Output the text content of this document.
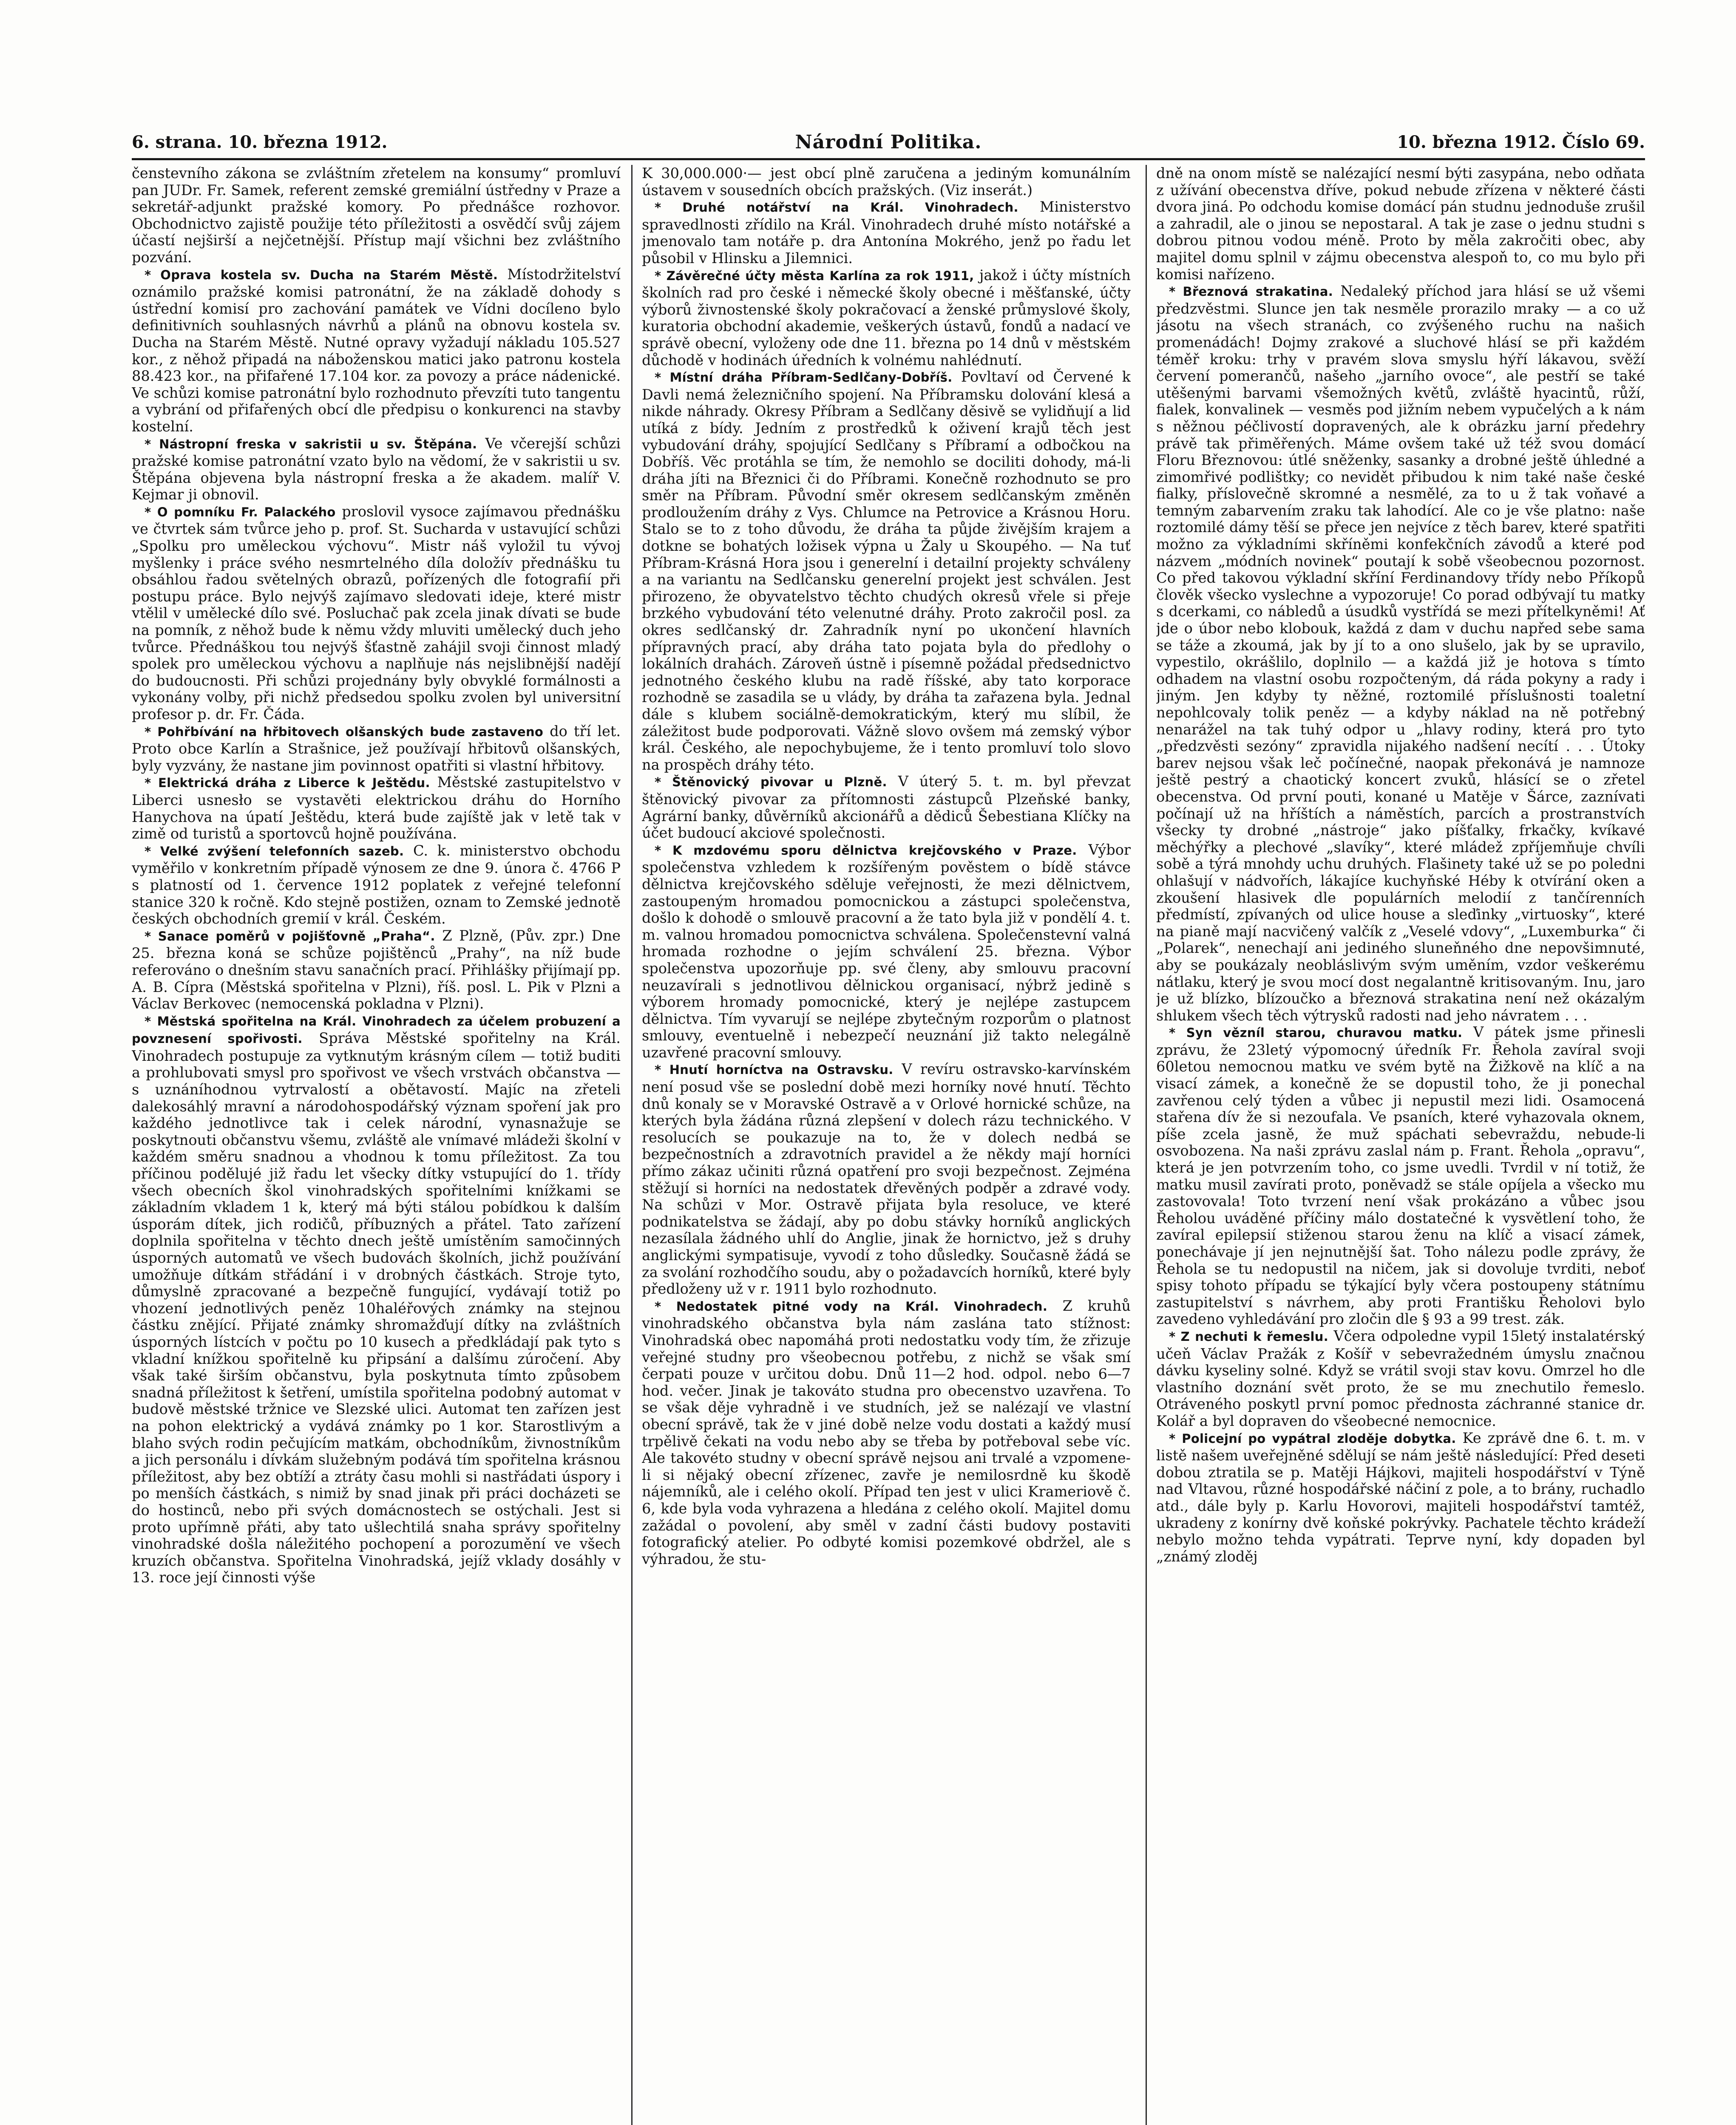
6. strana. 10. března 1912.	Národní Politika.	10. března 1912. Číslo 69.

čenstevního zákona se zvláštním zřetelem na konsumy“ promluví pan JUDr. Fr. Samek, referent zemské gremiální ústředny v Praze a sekretář-adjunkt pražské komory. Po přednášce rozhovor. Obchodnictvo zajistě použije této příležitosti a osvědčí svůj zájem účastí nejširší a nejčetnější. Přístup mají všichni bez zvláštního pozvání.

* Oprava kostela sv. Ducha na Starém Městě. Místodržitelství oznámilo pražské komisi patronátní, že na základě dohody s ústřední komisí pro zachování památek ve Vídni docíleno bylo definitivních souhlasných návrhů a plánů na obnovu kostela sv. Ducha na Starém Městě. Nutné opravy vyžadují nákladu 105.527 kor., z něhož připadá na náboženskou matici jako patronu kostela 88.423 kor., na přifařené 17.104 kor. za povozy a práce nádenické. Ve schůzi komise patronátní bylo rozhodnuto převzíti tuto tangentu a vybrání od přifařených obcí dle předpisu o konkurenci na stavby kostelní.

* Nástropní freska v sakristii u sv. Štěpána. Ve včerejší schůzi pražské komise patronátní vzato bylo na vědomí, že v sakristii u sv. Štěpána objevena byla nástropní freska a že akadem. malíř V. Kejmar ji obnovil.

* O pomníku Fr. Palackého proslovil vysoce zajímavou přednášku ve čtvrtek sám tvůrce jeho p. prof. St. Sucharda v ustavující schůzi „Spolku pro uměleckou výchovu“. Mistr náš vyložil tu vývoj myšlenky i práce svého nesmrtelného díla doložív přednášku tu obsáhlou řadou světelných obrazů, pořízených dle fotografií při postupu práce. Bylo nejvýš zajímavo sledovati ideje, které mistr vtělil v umělecké dílo své. Posluchač pak zcela jinak dívati se bude na pomník, z něhož bude k němu vždy mluviti umělecký duch jeho tvůrce. Přednáškou tou nejvýš šťastně zahájil svoji činnost mladý spolek pro uměleckou výchovu a naplňuje nás nejslibnější nadějí do budoucnosti. Při schůzi projednány byly obvyklé formálnosti a vykonány volby, při nichž předsedou spolku zvolen byl universitní profesor p. dr. Fr. Čáda.

* Pohřbívání na hřbitovech olšanských bude zastaveno do tří let. Proto obce Karlín a Strašnice, jež používají hřbitovů olšanských, byly vyzvány, že nastane jim povinnost opatřiti si vlastní hřbitovy.

* Elektrická dráha z Liberce k Ještědu. Městské zastupitelstvo v Liberci usnesło se vystavěti elektrickou dráhu do Horního Hanychova na úpatí Ještědu, která bude zajíště jak v letě tak v zimě od turistů a sportovců hojně používána.

* Velké zvýšení telefonních sazeb. C. k. ministerstvo obchodu vyměřilo v konkretním případě výnosem ze dne 9. února č. 4766 P s platností od 1. července 1912 poplatek z veřejné telefonní stanice 320 k ročně. Kdo stejně postižen, oznam to Zemské jednotě českých obchodních gremií v král. Českém.

* Sanace poměrů v pojišťovně „Praha“. Z Plzně, (Pův. zpr.) Dne 25. března koná se schůze pojištěnců „Prahy“, na níž bude referováno o dnešním stavu sanačních prací. Přihlášky přijímají pp. A. B. Cípra (Městská spořitelna v Plzni), říš. posl. L. Pik v Plzni a Václav Berkovec (nemocenská pokladna v Plzni).

* Městská spořitelna na Král. Vinohradech za účelem probuzení a povznesení spořivosti. Správa Městské spořitelny na Král. Vinohradech postupuje za vytknutým krásným cílem — totiž buditi a prohlubovati smysl pro spořivost ve všech vrstvách občanstva — s uznáníhodnou vytrvalostí a obětavostí. Majíc na zřeteli dalekosáhlý mravní a národohospodářský význam spoření jak pro každého jednotlivce tak i celek národní, vynasnažuje se poskytnouti občanstvu všemu, zvláště ale vnímavé mládeži školní v každém směru snadnou a vhodnou k tomu příležitost. Za tou příčinou podělujé již řadu let všecky dítky vstupující do 1. třídy všech obecních škol vinohradských spořitelními knížkami se základním vkladem 1 k, který má býti stálou pobídkou k dalším úsporám dítek, jich rodičů, příbuzných a přátel. Tato zařízení doplnila spořitelna v těchto dnech ještě umístěním samočinných úsporných automatů ve všech budovách školních, jichž používání umožňuje dítkám střádání i v drobných částkách. Stroje tyto, důmyslně zpracované a bezpečně fungující, vydávají totiž po vhození jednotlivých peněz 10haléřových známky na stejnou částku znějící. Přijaté známky shromažďují dítky na zvláštních úsporných lístcích v počtu po 10 kusech a předkládají pak tyto s vkladní knížkou spořitelně ku připsání a dalšímu zúročení. Aby však také širším občanstvu, byla poskytnuta tímto způsobem snadná příležitost k šetření, umístila spořitelna podobný automat v budově městské tržnice ve Slezské ulici. Automat ten zařízen jest na pohon elektrický a vydává známky po 1 kor. Starostlivým a blaho svých rodin pečujícím matkám, obchodníkům, živnostníkům a jich personálu i dívkám služebným podává tím spořitelna krásnou příležitost, aby bez obtíží a ztráty času mohli si nastřádati úspory i po menších částkách, s nimiž by snad jinak při práci docházeti se do hostinců, nebo při svých domácnostech se ostýchali. Jest si proto upřímně přáti, aby tato ušlechtilá snaha správy spořitelny vinohradské došla náležitého pochopení a porozumění ve všech kruzích občanstva. Spořitelna Vinohradská, jejíž vklady dosáhly v 13. roce její činnosti výše

K 30,000.000·— jest obcí plně zaručena a jediným komunálním ústavem v sousedních obcích pražských. (Viz inserát.)

* Druhé notářství na Král. Vinohradech. Ministerstvo spravedlnosti zřídilo na Král. Vinohradech druhé místo notářské a jmenovalo tam notáře p. dra Antonína Mokrého, jenž po řadu let působil v Hlinsku a Jilemnici.

* Závěrečné účty města Karlína za rok 1911, jakož i účty místních školních rad pro české i německé školy obecné i měšťanské, účty výborů živnostenské školy pokračovací a ženské průmyslové školy, kuratoria obchodní akademie, veškerých ústavů, fondů a nadací ve správě obecní, vyloženy ode dne 11. března po 14 dnů v městském důchodě v hodinách úředních k volnému nahlédnutí.

* Místní dráha Příbram-Sedlčany-Dobříš. Povltaví od Červené k Davli nemá železničního spojení. Na Příbramsku dolování klesá a nikde náhrady. Okresy Příbram a Sedlčany děsivě se vylidňují a lid utíká z bídy. Jedním z prostředků k oživení krajů těch jest vybudování dráhy, spojující Sedlčany s Příbramí a odbočkou na Dobříš. Věc protáhla se tím, že nemohlo se dociliti dohody, má-li dráha jíti na Březnici či do Příbrami. Konečně rozhodnuto se pro směr na Příbram. Původní směr okresem sedlčanským změněn prodloužením dráhy z Vys. Chlumce na Petrovice a Krásnou Horu. Stalo se to z toho důvodu, že dráha ta půjde živějším krajem a dotkne se bohatých ložisek výpna u Žaly u Skoupého. — Na tuť Příbram-Krásná Hora jsou i generelní i detailní projekty schváleny a na variantu na Sedlčansku generelní projekt jest schválen. Jest přirozeno, že obyvatelstvo těchto chudých okresů vřele si přeje brzkého vybudování této velenutné dráhy. Proto zakročil posl. za okres sedlčanský dr. Zahradník nyní po ukončení hlavních přípravných prací, aby dráha tato pojata byla do předlohy o lokálních drahách. Zároveň ústně i písemně požádal předsednictvo jednotného českého klubu na radě říšské, aby tato korporace rozhodně se zasadila se u vlády, by dráha ta zařazena byla. Jednal dále s klubem sociálně-demokratickým, který mu slíbil, že záležitost bude podporovati. Vážně slovo ovšem má zemský výbor král. Českého, ale nepochybujeme, že i tento promluví tolo slovo na prospěch dráhy této.

* Štěnovický pivovar u Plzně. V úterý 5. t. m. byl převzat štěnovický pivovar za přítomnosti zástupců Plzeňské banky, Agrární banky, důvěrníků akcionářů a dědiců Šebestiana Klíčky na účet budoucí akciové společnosti.

* K mzdovému sporu dělnictva krejčovského v Praze. Výbor společenstva vzhledem k rozšířeným pověstem o bídě stávce dělnictva krejčovského sděluje veřejnosti, že mezi dělnictvem, zastoupeným hromadou pomocnickou a zástupci společenstva, došlo k dohodě o smlouvě pracovní a že tato byla již v pondělí 4. t. m. valnou hromadou pomocnictva schválena. Společenstevní valná hromada rozhodne o jejím schválení 25. března. Výbor společenstva upozorňuje pp. své členy, aby smlouvu pracovní neuzavírali s jednotlivou dělnickou organisací, nýbrž jedině s výborem hromady pomocnické, který je nejlépe zastupcem dělnictva. Tím vyvarují se nejlépe zbytečným rozporům o platnost smlouvy, eventuelně i nebezpečí neuznání již takto nelegálně uzavřené pracovní smlouvy.

* Hnutí horníctva na Ostravsku. V revíru ostravsko-karvínském není posud vše se poslední době mezi horníky nové hnutí. Těchto dnů konaly se v Moravské Ostravě a v Orlové hornické schůze, na kterých byla žádána různá zlepšení v dolech rázu technického. V resolucích se poukazuje na to, že v dolech nedbá se bezpečnostních a zdravotních pravidel a že někdy mají horníci přímo zákaz učiniti různá opatření pro svoji bezpečnost. Zejména stěžují si horníci na nedostatek dřevěných podpěr a zdravé vody. Na schůzi v Mor. Ostravě přijata byla resoluce, ve které podnikatelstva se žádají, aby po dobu stávky horníků anglických nezasílala žádného uhlí do Anglie, jinak že hornictvo, jež s druhy anglickými sympatisuje, vyvodí z toho důsledky. Současně žádá se za svolání rozhodčího soudu, aby o požadavcích horníků, které byly předloženy už v r. 1911 bylo rozhodnuto.

* Nedostatek pitné vody na Král. Vinohradech. Z kruhů vinohradského občanstva byla nám zaslána tato stížnost: Vinohradská obec napomáhá proti nedostatku vody tím, že zřizuje veřejné studny pro všeobecnou potřebu, z nichž se však smí čerpati pouze v určitou dobu. Dnů 11—2 hod. odpol. nebo 6—7 hod. večer. Jinak je takováto studna pro obecenstvo uzavřena. To se však děje vyhradně i ve studních, jež se nalézají ve vlastní obecní správě, tak že v jiné době nelze vodu dostati a každý musí trpělivě čekati na vodu nebo aby se třeba by potřeboval sebe víc. Ale takovéto studny v obecní správě nejsou ani trvalé a vzpomene-li si nějaký obecní zřízenec, zavře je nemilosrdně ku škodě nájemníků, ale i celého okolí. Případ ten jest v ulici Krameriově č. 6, kde byla voda vyhrazena a hledána z celého okolí. Majitel domu zažádal o povolení, aby směl v zadní části budovy postaviti fotografický atelier. Po odbyté komisi pozemkové obdržel, ale s výhradou, že stu-

dně na onom místě se nalézající nesmí býti zasypána, nebo odňata z užívání obecenstva dříve, pokud nebude zřízena v některé části dvora jiná. Po odchodu komise domácí pán studnu jednoduše zrušil a zahradil, ale o jinou se nepostaral. A tak je zase o jednu studni s dobrou pitnou vodou méně. Proto by měla zakročiti obec, aby majitel domu splnil v zájmu obecenstva alespoň to, co mu bylo při komisi nařízeno.

* Březnová strakatina. Nedaleký příchod jara hlásí se už všemi předzvěstmi. Slunce jen tak nesměle prorazilo mraky — a co už jásotu na všech stranách, co zvýšeného ruchu na našich promenádách! Dojmy zrakové a sluchové hlásí se při každém téměř kroku: trhy v pravém slova smyslu hýří lákavou, svěží červení pomerančů, našeho „jarního ovoce“, ale pestří se také utěšenými barvami všemožných květů, zvláště hyacintů, růží, fialek, konvalinek — vesměs pod jižním nebem vypučelých a k nám s něžnou péčlivostí dopravených, ale k obrázku jarní předehry právě tak přiměřených. Máme ovšem také už též svou domácí Floru Březnovou: útlé sněženky, sasanky a drobné ještě úhledné a zimomřivé podlištky; co nevidět přibudou k nim také naše české fialky, příslovečně skromné a nesmělé, za to u ž tak voňavé a temným zabarvením zraku tak lahodící. Ale co je vše platno: naše roztomilé dámy těší se přece jen nejvíce z těch barev, které spatřiti možno za výkladními skříněmi konfekčních závodů a které pod názvem „módních novinek“ poutají k sobě všeobecnou pozornost. Co před takovou výkladní skříní Ferdinandovy třídy nebo Příkopů člověk všecko vyslechne a vypozoruje! Co porad odbývají tu matky s dcerkami, co nábledů a úsudků vystřídá se mezi přítelkyněmi! Ať jde o úbor nebo klobouk, každá z dam v duchu napřed sebe sama se táže a zkoumá, jak by jí to a ono slušelo, jak by se upravilo, vypestilo, okrášlilo, doplnilo — a každá již je hotova s tímto odhadem na vlastní osobu rozpočteným, dá ráda pokyny a rady i jiným. Jen kdyby ty něžné, roztomilé příslušnosti toaletní nepohlcovaly tolik peněz — a kdyby náklad na ně potřebný nenarážel na tak tuhý odpor u „hlavy rodiny, která pro tyto „předzvěsti sezóny“ zpravidla nijakého nadšení necítí . . . Útoky barev nejsou však leč počínečné, naopak překonává je namnoze ještě pestrý a chaotický koncert zvuků, hlásící se o zřetel obecenstva. Od první pouti, konané u Matěje v Šárce, zaznívati počínají už na hříštích a náměstích, parcích a prostranstvích všecky ty drobné „nástroje“ jako píšťalky, frkačky, kvíkavé měchýřky a plechové „slavíky“, které mládež zpříjemňuje chvíli sobě a týrá mnohdy uchu druhých. Flašinety také už se po poledni ohlašují v nádvořích, lákajíce kuchyňské Héby k otvírání oken a zkoušení hlasivek dle populárních melodií z tančírenních předmístí, zpívaných od ulice house a sleďinky „virtuosky“, které na pianě mají nacvičený valčík z „Veselé vdovy“, „Luxemburka“ či „Polarek“, nenechají ani jediného sluneňného dne nepovšimnuté, aby se poukázaly neobláslivým svým uměním, vzdor veškerému nátlaku, který je svou mocí dost negalantně kritisovaným. Inu, jaro je už blízko, blízoučko a březnová strakatina není než okázalým shlukem všech těch výtrysků radosti nad jeho návratem . . .

* Syn vězníl starou, churavou matku. V pátek jsme přinesli zprávu, že 23letý výpomocný úředník Fr. Řehola zavíral svoji 60letou nemocnou matku ve svém bytě na Žižkově na klíč a na visací zámek, a konečně že se dopustil toho, že ji ponechal zavřenou celý týden a vůbec ji nepustil mezi lidi. Osamocená stařena dív že si nezoufala. Ve psaních, které vyhazovala oknem, píše zcela jasně, že muž spáchati sebevraždu, nebude-li osvobozena. Na naši zprávu zaslal nám p. Frant. Řehola „opravu“, která je jen potvrzením toho, co jsme uvedli. Tvrdil v ní totiž, že matku musil zavírati proto, poněvadž se stále opíjela a všecko mu zastovovala! Toto tvrzení není však prokázáno a vůbec jsou Řeholou uváděné příčiny málo dostatečné k vysvětlení toho, že zavíral epilepsií stiženou starou ženu na klíč a visací zámek, ponechávaje jí jen nejnutnější šat. Toho nálezu podle zprávy, že Řehola se tu nedopustil na ničem, jak si dovoluje tvrditi, neboť spisy tohoto případu se týkající byly včera postoupeny státnímu zastupitelství s návrhem, aby proti Františku Řeholovi bylo zavedeno vyhledávání pro zločin dle § 93 a 99 trest. zák.

* Z nechuti k řemeslu. Včera odpoledne vypil 15letý instalatérský učeň Václav Pražák z Košíř v sebevražedném úmyslu značnou dávku kyseliny solné. Když se vrátil svoji stav kovu. Omrzel ho dle vlastního doznání svět proto, že se mu znechutilo řemeslo. Otráveného poskytl první pomoc přednosta záchranné stanice dr. Kolář a byl dopraven do všeobecné nemocnice.

* Policejní po vypátral zloděje dobytka. Ke zprávě dne 6. t. m. v listě našem uveřejněné sdělují se nám ještě následující: Před deseti dobou ztratila se p. Matěji Hájkovi, majiteli hospodářství v Týně nad Vltavou, různé hospodářské náčiní z pole, a to brány, ruchadlo atd., dále byly p. Karlu Hovorovi, majiteli hospodářství tamtéž, ukradeny z konírny dvě koňské pokrývky. Pachatele těchto krádeží nebylo možno tehda vypátrati. Teprve nyní, kdy dopaden byl „známý zloděj
